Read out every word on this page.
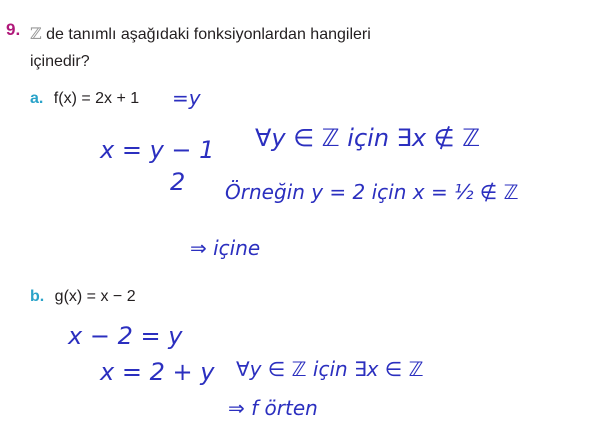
9. ℤ de tanımlı aşağıdaki fonksiyonlardan hangileri
içinedir?
a. f(x) = 2x + 1 =y
x = y − 1
2
∀y ∈ ℤ için ∃x ∉ ℤ
Örneğin y = 2 için x = ½ ∉ ℤ
⇒ içine
b. g(x) = x − 2
x − 2 = y
x = 2 + y ∀y ∈ ℤ için ∃x ∈ ℤ
⇒ f örten
